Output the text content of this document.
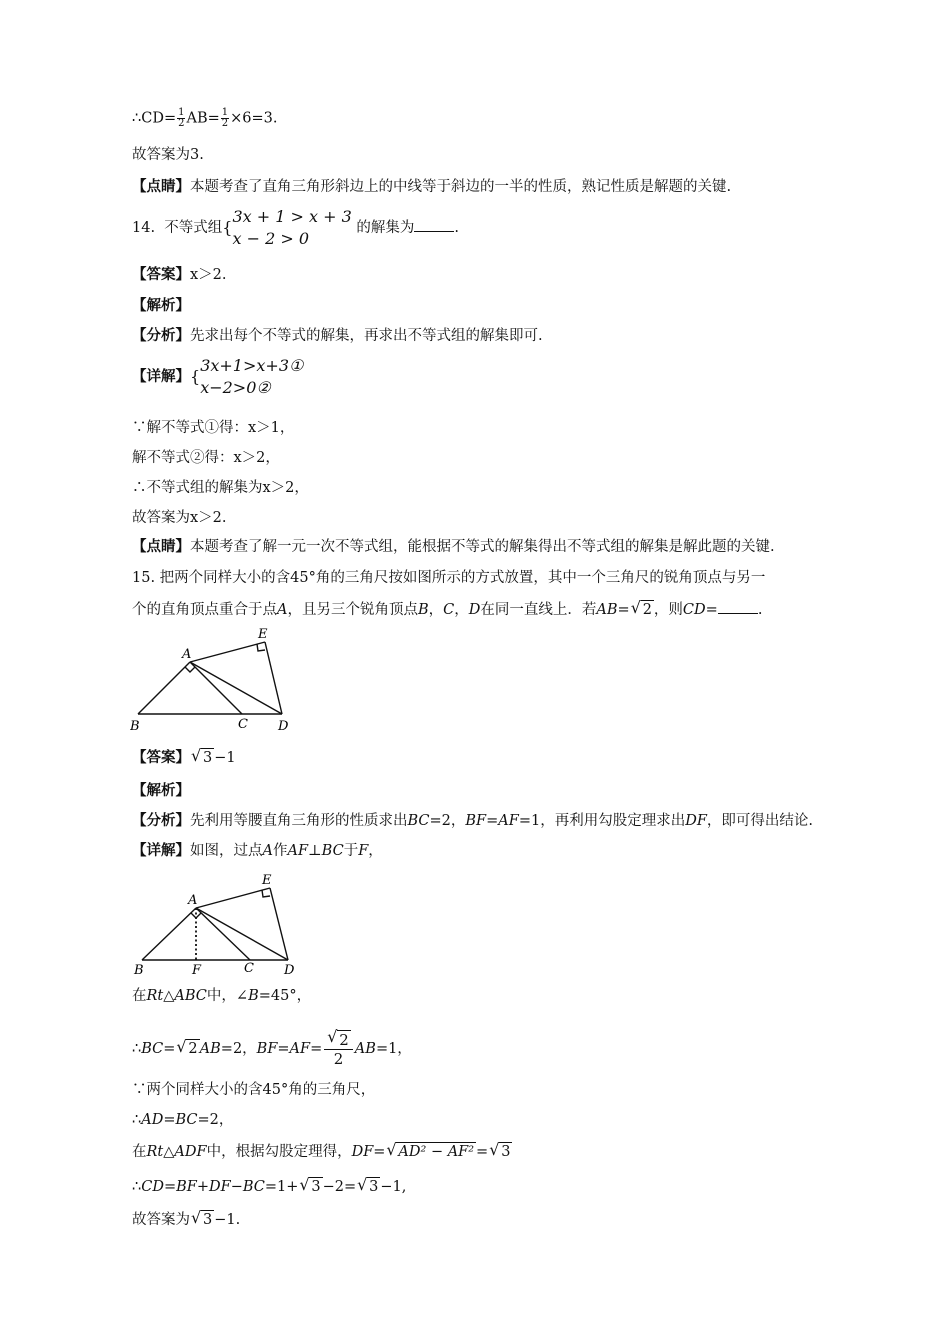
∴CD= $\frac{1}{2} AB= \frac{1}{2} \times 6=3$.
故答案为3.
【点睛】本题考查了直角三角形斜边上的中线等于斜边的一半的性质，熟记性质是解题的关键.
14. 不等式组{
3x + 1 > x + 3
x − 2 > 0
的解集为	.
【答案】x＞2.
【解析】
【分析】先求出每个不等式的解集，再求出不等式组的解集即可.
【详解】{
3x+1>x+3①
x−2>0②
∵解不等式①得：x＞1，
解不等式②得：x＞2，
∴不等式组的解集为x＞2，
故答案为x＞2.
【点睛】本题考查了解一元一次不等式组，能根据不等式的解集得出不等式组的解集是解此题的关键.
15. 把两个同样大小的含45°角的三角尺按如图所示的方式放置，其中一个三角尺的锐角顶点与另一
个的直角顶点重合于点A，且另三个锐角顶点B，C，D在同一直线上．若AB= √ 2 ，则CD=	.
A
B	C D
E
【答案】 √ 3 −1
【解析】
【分析】先利用等腰直角三角形的性质求出BC=2，BF=AF=1，再利用勾股定理求出DF，即可得出结论.
【详解】如图，过点A作AF⊥BC于F，
A
B	F	C D
E
在Rt△ABC中，∠B=45°，
∴BC= √ 2 AB=2，BF=AF= √ $\frac{2}{2} AB=1$，
∵两个同样大小的含45°角的三角尺，
∴AD=BC=2，
在Rt△ADF中，根据勾股定理得，DF= √ AD² − AF² = √ 3
∴CD=BF+DF−BC=1+ √ 3 −2= √ 3 −1,
故答案为 √ 3 −1.
